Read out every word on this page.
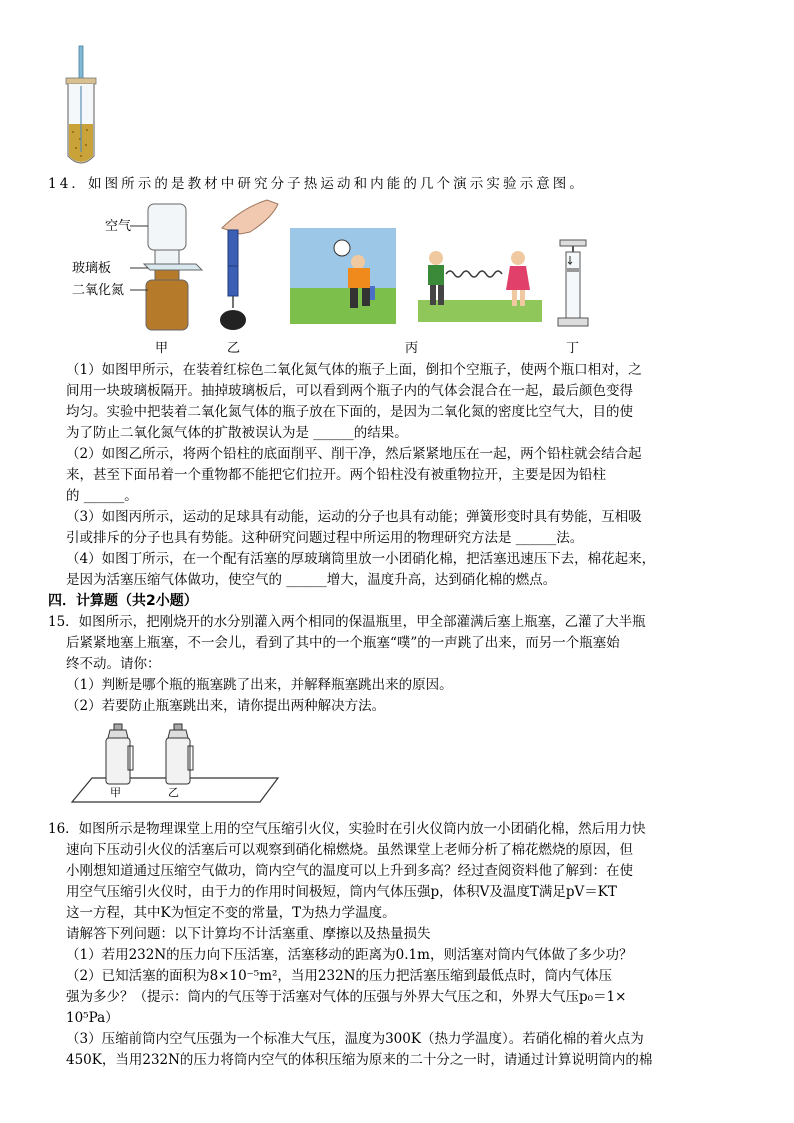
14．如图所示的是教材中研究分子热运动和内能的几个演示实验示意图。
空气
玻璃板
二氧化氮
甲	乙	丙	丁
（1）如图甲所示，在装着红棕色二氧化氮气体的瓶子上面，倒扣个空瓶子，使两个瓶口相对，之
间用一块玻璃板隔开。抽掉玻璃板后，可以看到两个瓶子内的气体会混合在一起，最后颜色变得
均匀。实验中把装着二氧化氮气体的瓶子放在下面的，是因为二氧化氮的密度比空气大，目的使
为了防止二氧化氮气体的扩散被误认为是 ______的结果。
（2）如图乙所示，将两个铅柱的底面削平、削干净，然后紧紧地压在一起，两个铅柱就会结合起
来，甚至下面吊着一个重物都不能把它们拉开。两个铅柱没有被重物拉开，主要是因为铅柱
的 ______。
（3）如图丙所示，运动的足球具有动能，运动的分子也具有动能；弹簧形变时具有势能，互相吸
引或排斥的分子也具有势能。这种研究问题过程中所运用的物理研究方法是 ______法。
（4）如图丁所示，在一个配有活塞的厚玻璃筒里放一小团硝化棉，把活塞迅速压下去，棉花起来，
是因为活塞压缩气体做功，使空气的 ______增大，温度升高，达到硝化棉的燃点。
四．计算题（共2小题）
15．如图所示，把刚烧开的水分别灌入两个相同的保温瓶里，甲全部灌满后塞上瓶塞，乙灌了大半瓶
后紧紧地塞上瓶塞，不一会儿，看到了其中的一个瓶塞“噗”的一声跳了出来，而另一个瓶塞始
终不动。请你：
（1）判断是哪个瓶的瓶塞跳了出来，并解释瓶塞跳出来的原因。
（2）若要防止瓶塞跳出来，请你提出两种解决方法。
甲	乙
16．如图所示是物理课堂上用的空气压缩引火仪，实验时在引火仪筒内放一小团硝化棉，然后用力快
速向下压动引火仪的活塞后可以观察到硝化棉燃烧。虽然课堂上老师分析了棉花燃烧的原因，但
小刚想知道通过压缩空气做功，筒内空气的温度可以上升到多高？经过查阅资料他了解到：在使
用空气压缩引火仪时，由于力的作用时间极短，筒内气体压强p，体积V及温度T满足pV＝KT
这一方程，其中K为恒定不变的常量，T为热力学温度。
请解答下列问题：以下计算均不计活塞重、摩擦以及热量损失
（1）若用232N的压力向下压活塞，活塞移动的距离为0.1m，则活塞对筒内气体做了多少功？
（2）已知活塞的面积为8×10⁻⁵m²，当用232N的压力把活塞压缩到最低点时，筒内气体压
强为多少？（提示：筒内的气压等于活塞对气体的压强与外界大气压之和，外界大气压p₀＝1×
10⁵Pa）
（3）压缩前筒内空气压强为一个标准大气压，温度为300K（热力学温度）。若硝化棉的着火点为
450K，当用232N的压力将筒内空气的体积压缩为原来的二十分之一时，请通过计算说明筒内的棉
